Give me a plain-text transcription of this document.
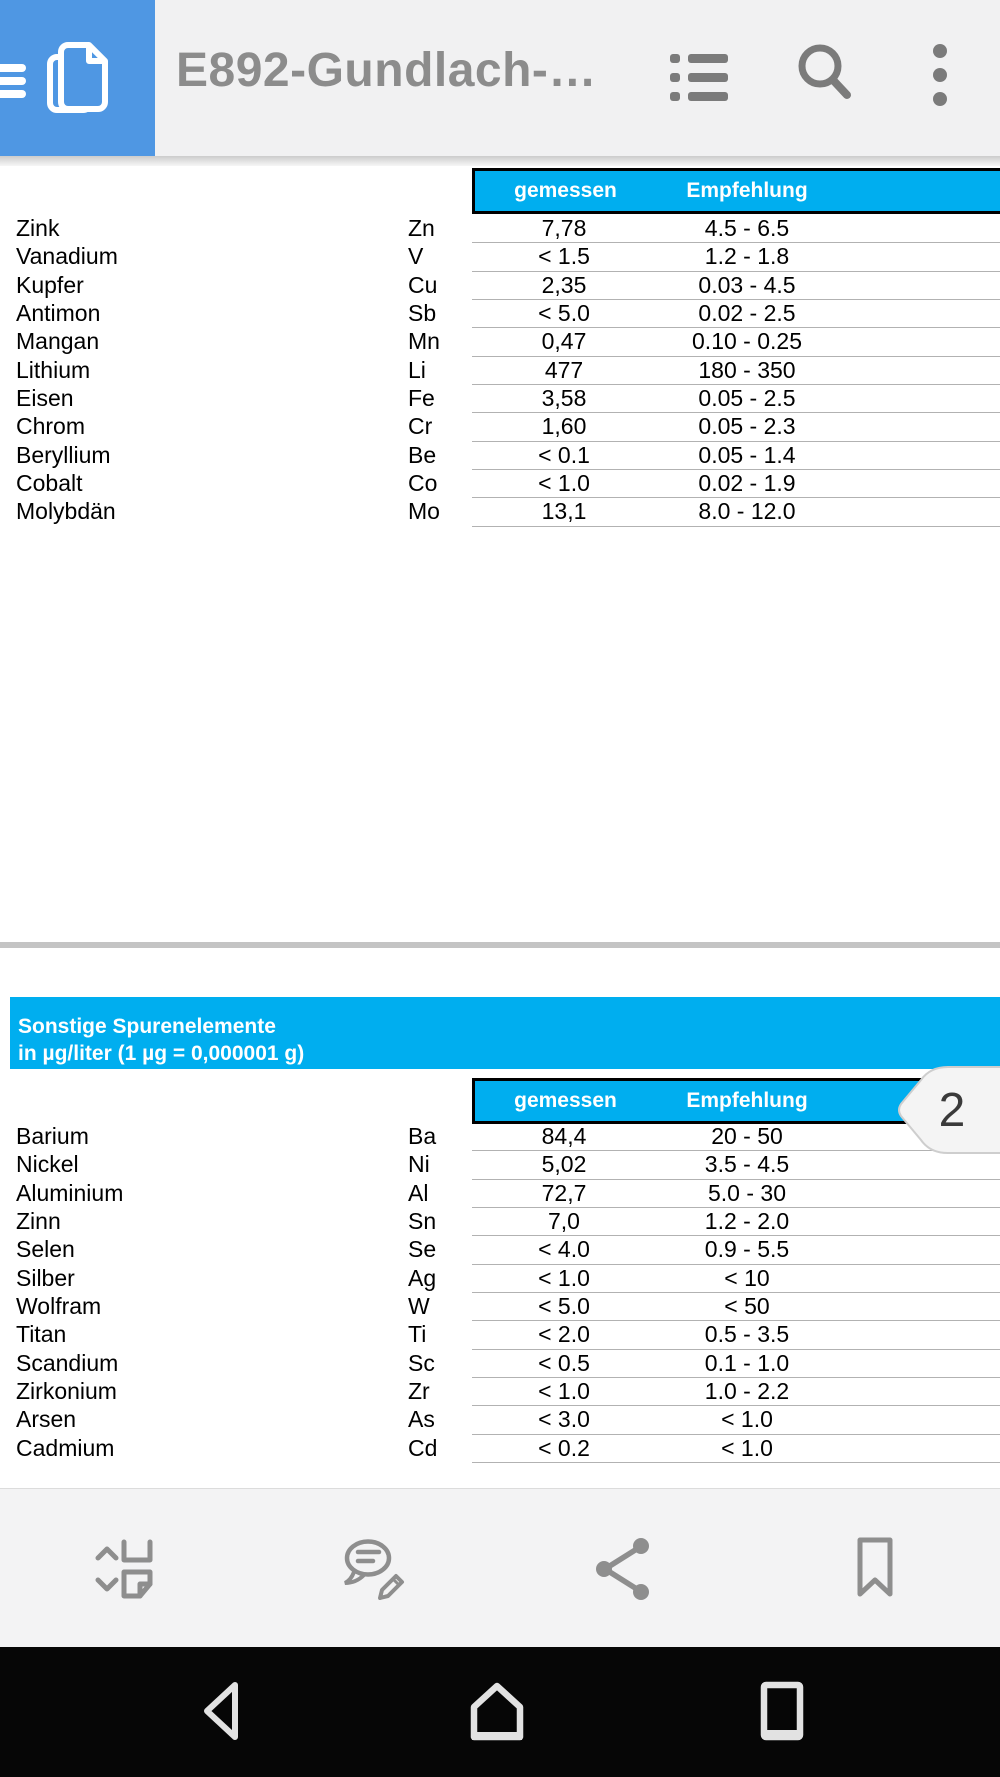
E892-Gundlach-…
gemessen	Empfehlung
Zink	Zn	7,78	4.5 - 6.5
Vanadium	V	< 1.5	1.2 - 1.8
Kupfer	Cu	2,35	0.03 - 4.5
Antimon	Sb	< 5.0	0.02 - 2.5
Mangan	Mn	0,47	0.10 - 0.25
Lithium	Li	477	180 - 350
Eisen	Fe	3,58	0.05 - 2.5
Chrom	Cr	1,60	0.05 - 2.3
Beryllium	Be	< 0.1	0.05 - 1.4
Cobalt	Co	< 1.0	0.02 - 1.9
Molybdän	Mo	13,1	8.0 - 12.0
Sonstige Spurenelemente
in µg/liter (1 µg = 0,000001 g)
gemessen	Empfehlung
Barium	Ba	84,4	20 - 50
Nickel	Ni	5,02	3.5 - 4.5
Aluminium	Al	72,7	5.0 - 30
Zinn	Sn	7,0	1.2 - 2.0
Selen	Se	< 4.0	0.9 - 5.5
Silber	Ag	< 1.0	< 10
Wolfram	W	< 5.0	< 50
Titan	Ti	< 2.0	0.5 - 3.5
Scandium	Sc	< 0.5	0.1 - 1.0
Zirkonium	Zr	< 1.0	1.0 - 2.2
Arsen	As	< 3.0	< 1.0
Cadmium	Cd	< 0.2	< 1.0
2
